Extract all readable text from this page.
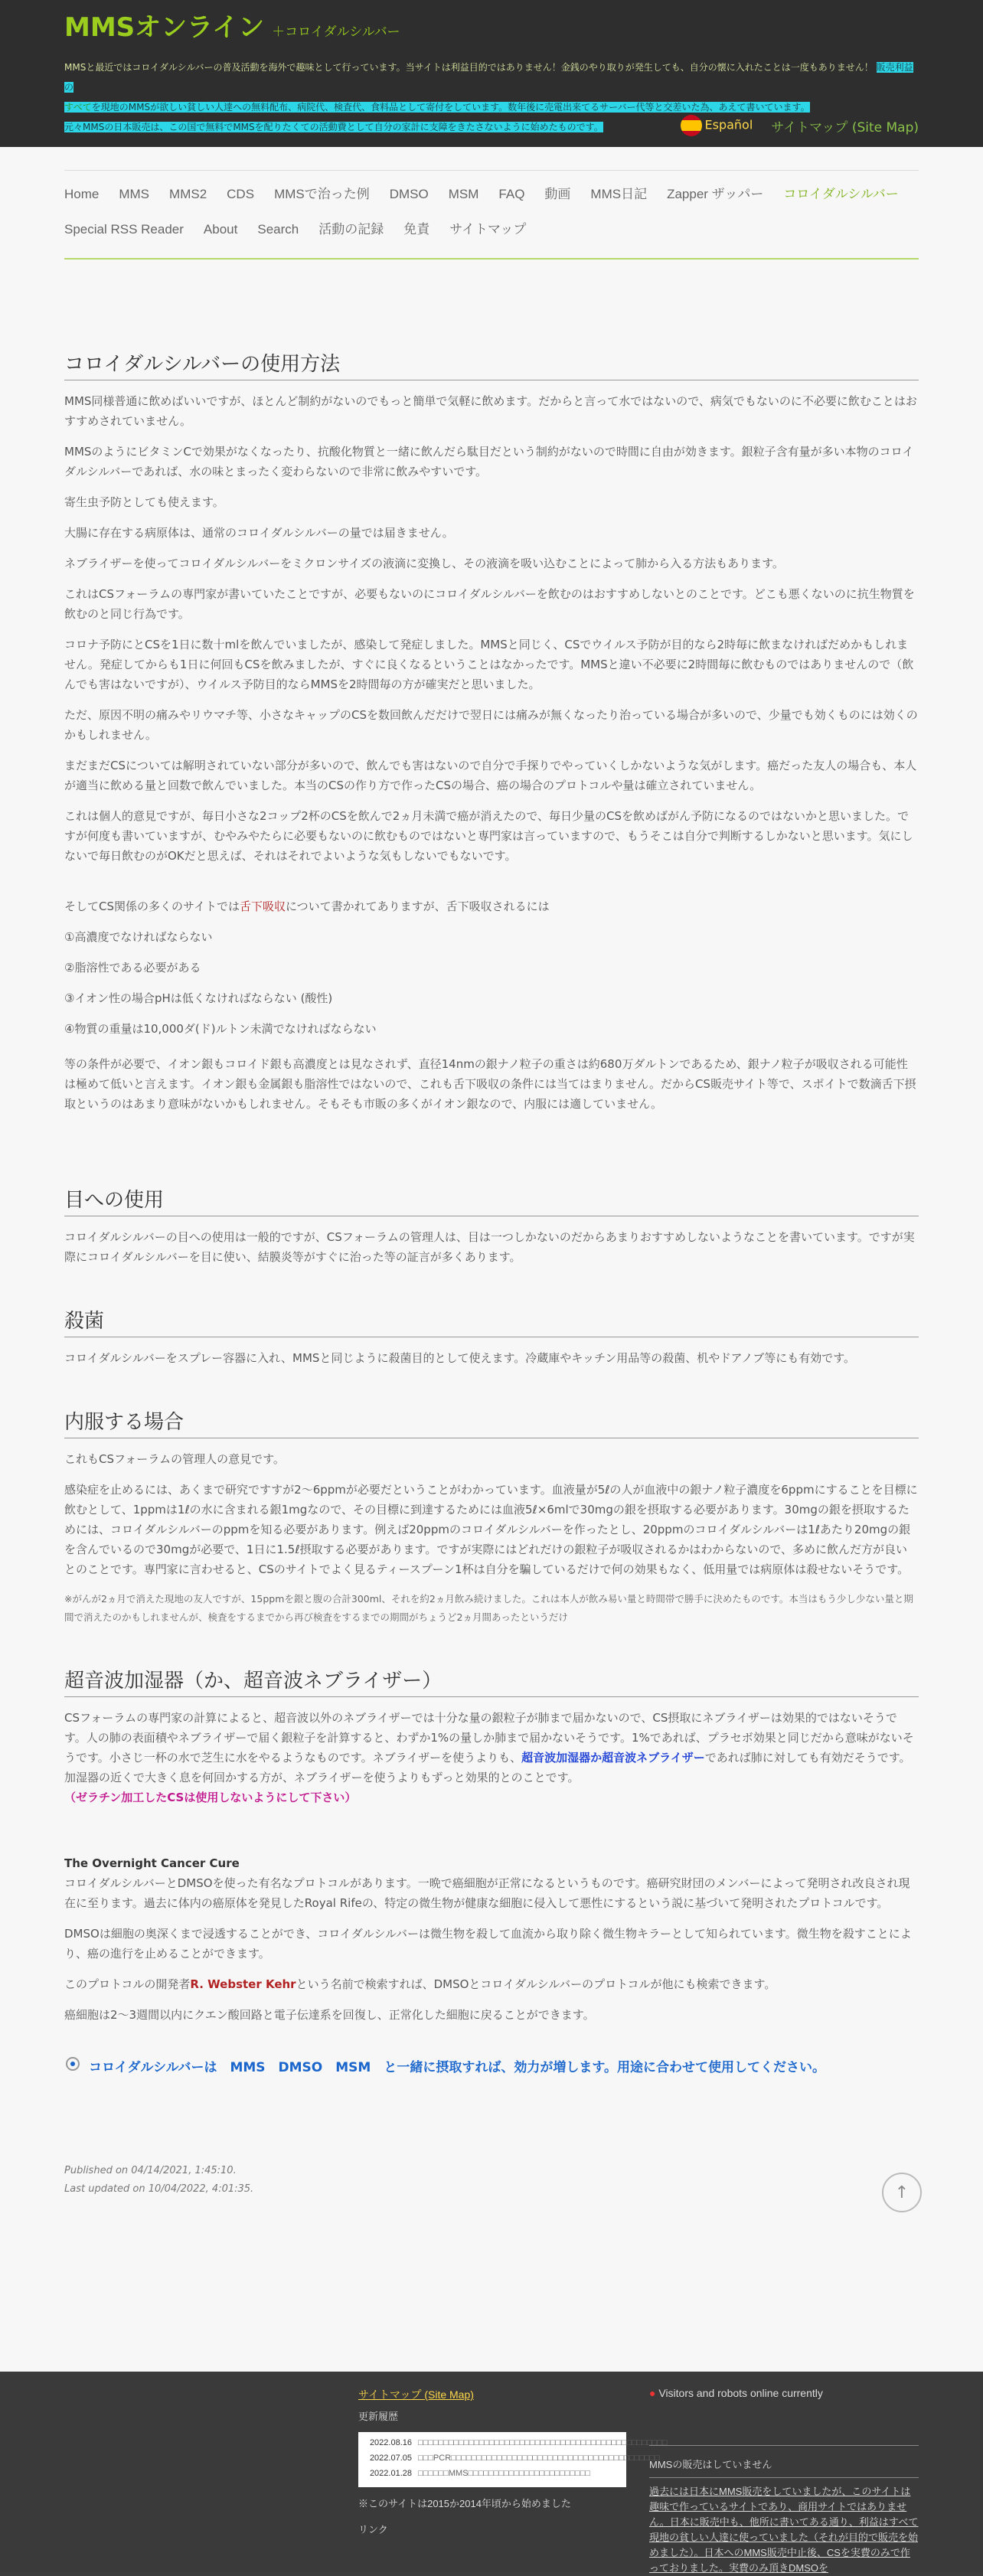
MMSオンライン ＋コロイダルシルバー
MMSと最近ではコロイダルシルバーの普及活動を海外で趣味として行っています。当サイトは利益目的ではありません！金銭のやり取りが発生しても、自分の懐に入れたことは一度もありません！ 販売利益の
すべてを現地のMMSが欲しい貧しい人達への無料配布、病院代、検査代、食料品として寄付をしています。数年後に売電出来てるサーバー代等と交差いた為、あえて書いています。
元々MMSの日本販売は、この国で無料でMMSを配りたくての活動費として自分の家計に支障をきたさないように始めたものです。	Español サイトマップ (Site Map)
Home MMS MMS2 CDS MMSで治った例 DMSO MSM FAQ 動画 MMS日記 Zapper ザッパー コロイダルシルバー
Special RSS Reader About Search 活動の記録 免責 サイトマップ
コロイダルシルバーの使用方法

MMS同様普通に飲めばいいですが、ほとんど制約がないのでもっと簡単で気軽に飲めます。だからと言って水ではないので、病気でもないのに不必要に飲むことはおすすめされていません。

MMSのようにビタミンCで効果がなくなったり、抗酸化物質と一緒に飲んだら駄目だという制約がないので時間に自由が効きます。銀粒子含有量が多い本物のコロイダルシルバーであれば、水の味とまったく変わらないので非常に飲みやすいです。

寄生虫予防としても使えます。

大腸に存在する病原体は、通常のコロイダルシルバーの量では届きません。

ネブライザーを使ってコロイダルシルバーをミクロンサイズの液滴に変換し、その液滴を吸い込むことによって肺から入る方法もあります。

これはCSフォーラムの専門家が書いていたことですが、必要もないのにコロイダルシルバーを飲むのはおすすめしないとのことです。どこも悪くないのに抗生物質を飲むのと同じ行為です。

コロナ予防にとCSを1日に数十mlを飲んでいましたが、感染して発症しました。MMSと同じく、CSでウイルス予防が目的なら2時毎に飲まなければだめかもしれません。発症してからも1日に何回もCSを飲みましたが、すぐに良くなるということはなかったです。MMSと違い不必要に2時間毎に飲むものではありませんので（飲んでも害はないですが）、ウイルス予防目的ならMMSを2時間毎の方が確実だと思いました。

ただ、原因不明の痛みやリウマチ等、小さなキャップのCSを数回飲んだだけで翌日には痛みが無くなったり治っている場合が多いので、少量でも効くものには効くのかもしれません。

まだまだCSについては解明されていない部分が多いので、飲んでも害はないので自分で手探りでやっていくしかないような気がします。癌だった友人の場合も、本人が適当に飲める量と回数で飲んでいました。本当のCSの作り方で作ったCSの場合、癌の場合のプロトコルや量は確立されていません。

これは個人的意見ですが、毎日小さな2コップ2杯のCSを飲んで2ヵ月未満で癌が消えたので、毎日少量のCSを飲めばがん予防になるのではないかと思いました。ですが何度も書いていますが、むやみやたらに必要もないのに飲むものではないと専門家は言っていますので、もうそこは自分で判断するしかないと思います。気にしないで毎日飲むのがOKだと思えば、それはそれでよいような気もしないでもないです。

そしてCS関係の多くのサイトでは舌下吸収について書かれてありますが、舌下吸収されるには

①高濃度でなければならない

②脂溶性である必要がある

③イオン性の場合pHは低くなければならない (酸性)

④物質の重量は10,000ダ(ド)ルトン未満でなければならない

等の条件が必要で、イオン銀もコロイド銀も高濃度とは見なされず、直径14nmの銀ナノ粒子の重さは約680万ダルトンであるため、銀ナノ粒子が吸収される可能性は極めて低いと言えます。イオン銀も金属銀も脂溶性ではないので、これも舌下吸収の条件には当てはまりません。だからCS販売サイト等で、スポイトで数滴舌下摂取というのはあまり意味がないかもしれません。そもそも市販の多くがイオン銀なので、内服には適していません。

目への使用

コロイダルシルバーの目への使用は一般的ですが、CSフォーラムの管理人は、目は一つしかないのだからあまりおすすめしないようなことを書いています。ですが実際にコロイダルシルバーを目に使い、結膜炎等がすぐに治った等の証言が多くあります。

殺菌

コロイダルシルバーをスプレー容器に入れ、MMSと同じように殺菌目的として使えます。冷蔵庫やキッチン用品等の殺菌、机やドアノブ等にも有効です。

内服する場合

これもCSフォーラムの管理人の意見です。

感染症を止めるには、あくまで研究ですすが2〜6ppmが必要だということがわかっています。血液量が5ℓの人が血液中の銀ナノ粒子濃度を6ppmにすることを目標に飲むとして、1ppmは1ℓの水に含まれる銀1mgなので、その目標に到達するためには血液5ℓ×6mlで30mgの銀を摂取する必要があります。30mgの銀を摂取するためには、コロイダルシルバーのppmを知る必要があります。例えば20ppmのコロイダルシルバーを作ったとし、20ppmのコロイダルシルバーは1ℓあたり20mgの銀を含んでいるので30mgが必要で、1日に1.5ℓ摂取する必要があります。ですが実際にはどれだけの銀粒子が吸収されるかはわからないので、多めに飲んだ方が良いとのことです。専門家に言わせると、CSのサイトでよく見るティースプーン1杯は自分を騙しているだけで何の効果もなく、低用量では病原体は殺せないそうです。

※がんが2ヵ月で消えた現地の友人ですが、15ppmを銀と腹の合計300ml、それを約2ヵ月飲み続けました。これは本人が飲み易い量と時間帯で勝手に決めたものです。本当はもう少し少ない量と期間で消えたのかもしれませんが、検査をするまでから再び検査をするまでの期間がちょうど2ヵ月間あったというだけ

超音波加湿器（か、超音波ネブライザー）

CSフォーラムの専門家の計算によると、超音波以外のネブライザーでは十分な量の銀粒子が肺まで届かないので、CS摂取にネブライザーは効果的ではないそうです。人の肺の表面積やネブライザーで届く銀粒子を計算すると、わずか1%の量しか肺まで届かないそうです。1%であれば、プラセボ効果と同じだから意味がないそうです。小さじ一杯の水で芝生に水をやるようなものです。ネブライザーを使うよりも、超音波加湿器か超音波ネブライザーであれば肺に対しても有効だそうです。加湿器の近くで大きく息を何回かする方が、ネブライザーを使うよりもずっと効果的とのことです。
（ゼラチン加工したCSは使用しないようにして下さい）

The Overnight Cancer Cure

コロイダルシルバーとDMSOを使った有名なプロトコルがあります。一晩で癌細胞が正常になるというものです。癌研究財団のメンバーによって発明され改良され現在に至ります。過去に体内の癌原体を発見したRoyal Rifeの、特定の微生物が健康な細胞に侵入して悪性にするという説に基づいて発明されたプロトコルです。

DMSOは細胞の奥深くまで浸透することができ、コロイダルシルバーは微生物を殺して血流から取り除く微生物キラーとして知られています。微生物を殺すことにより、癌の進行を止めることができます。

このプロトコルの開発者R. Webster Kehrという名前で検索すれば、DMSOとコロイダルシルバーのプロトコルが他にも検索できます。

癌細胞は2〜3週間以内にクエン酸回路と電子伝達系を回復し、正常化した細胞に戻ることができます。

コロイダルシルバーは　MMS　DMSO　MSM　と一緒に摂取すれば、効力が増します。用途に合わせて使用してください。
Published on 04/14/2021, 1:45:10.
Last updated on 10/04/2022, 4:01:35.	↑
サイトマップ (Site Map)
更新履歴
2022.08.16 □□□□□□□□□□□□□□□□□□□□□□□□□□□□□□□□□□□□□□□□□□□□□□□□□
2022.07.05 □□□PCR□□□□□□□□□□□□□□□□□□□□□□□□□□□□□□□□□□□□□□□□□
2022.01.28 □□□□□□MMS□□□□□□□□□□□□□□□□□□□□□□□□
※このサイトは2015か2014年頃から始めました
リンク
● Visitors and robots online currently
MMSの販売はしていません
過去には日本にMMS販売をしていましたが、このサイトは趣味で作っているサイトであり、商用サイトではありません。日本に販売中も、他所に書いてある通り、利益はすべて現地の貧しい人達に使っていました（それが目的で販売を始めました）。日本へのMMS販売中止後、CSを実費のみで作っておりました。実費のみ頂きDMSOを
